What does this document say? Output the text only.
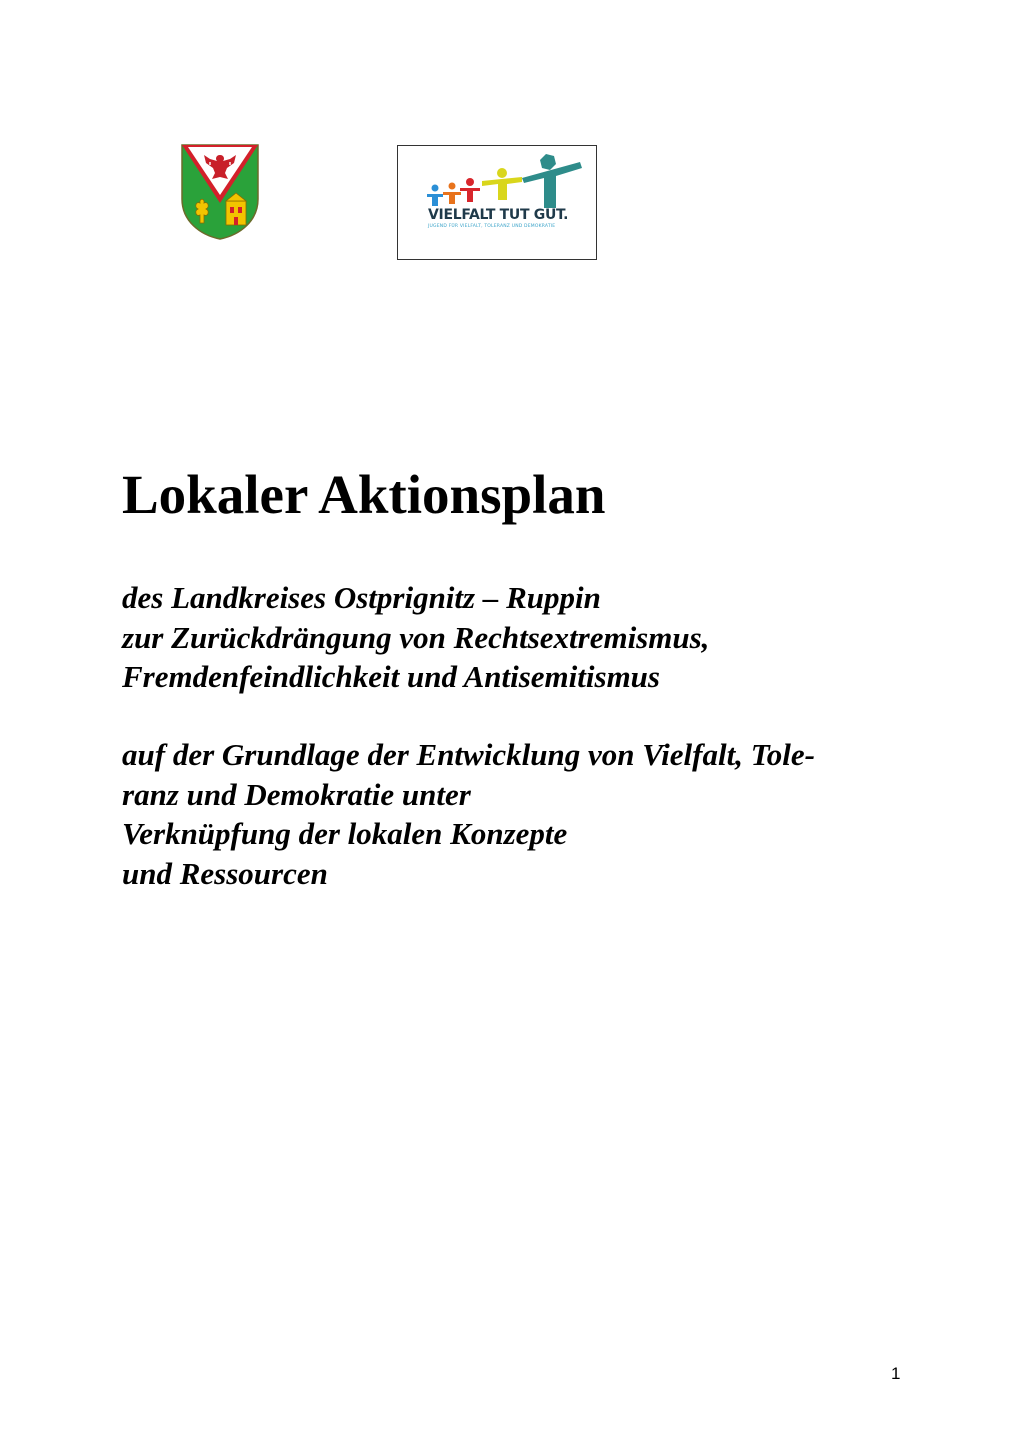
VIELFALT TUT GUT.
JUGEND FÜR VIELFALT, TOLERANZ UND DEMOKRATIE
Lokaler Aktionsplan
des Landkreises Ostprignitz – Ruppin
zur Zurückdrängung von Rechtsextremismus,
Fremdenfeindlichkeit und Antisemitismus
auf der Grundlage der Entwicklung von Vielfalt, Tole-
ranz und Demokratie unter
Verknüpfung der lokalen Konzepte
und Ressourcen
1
